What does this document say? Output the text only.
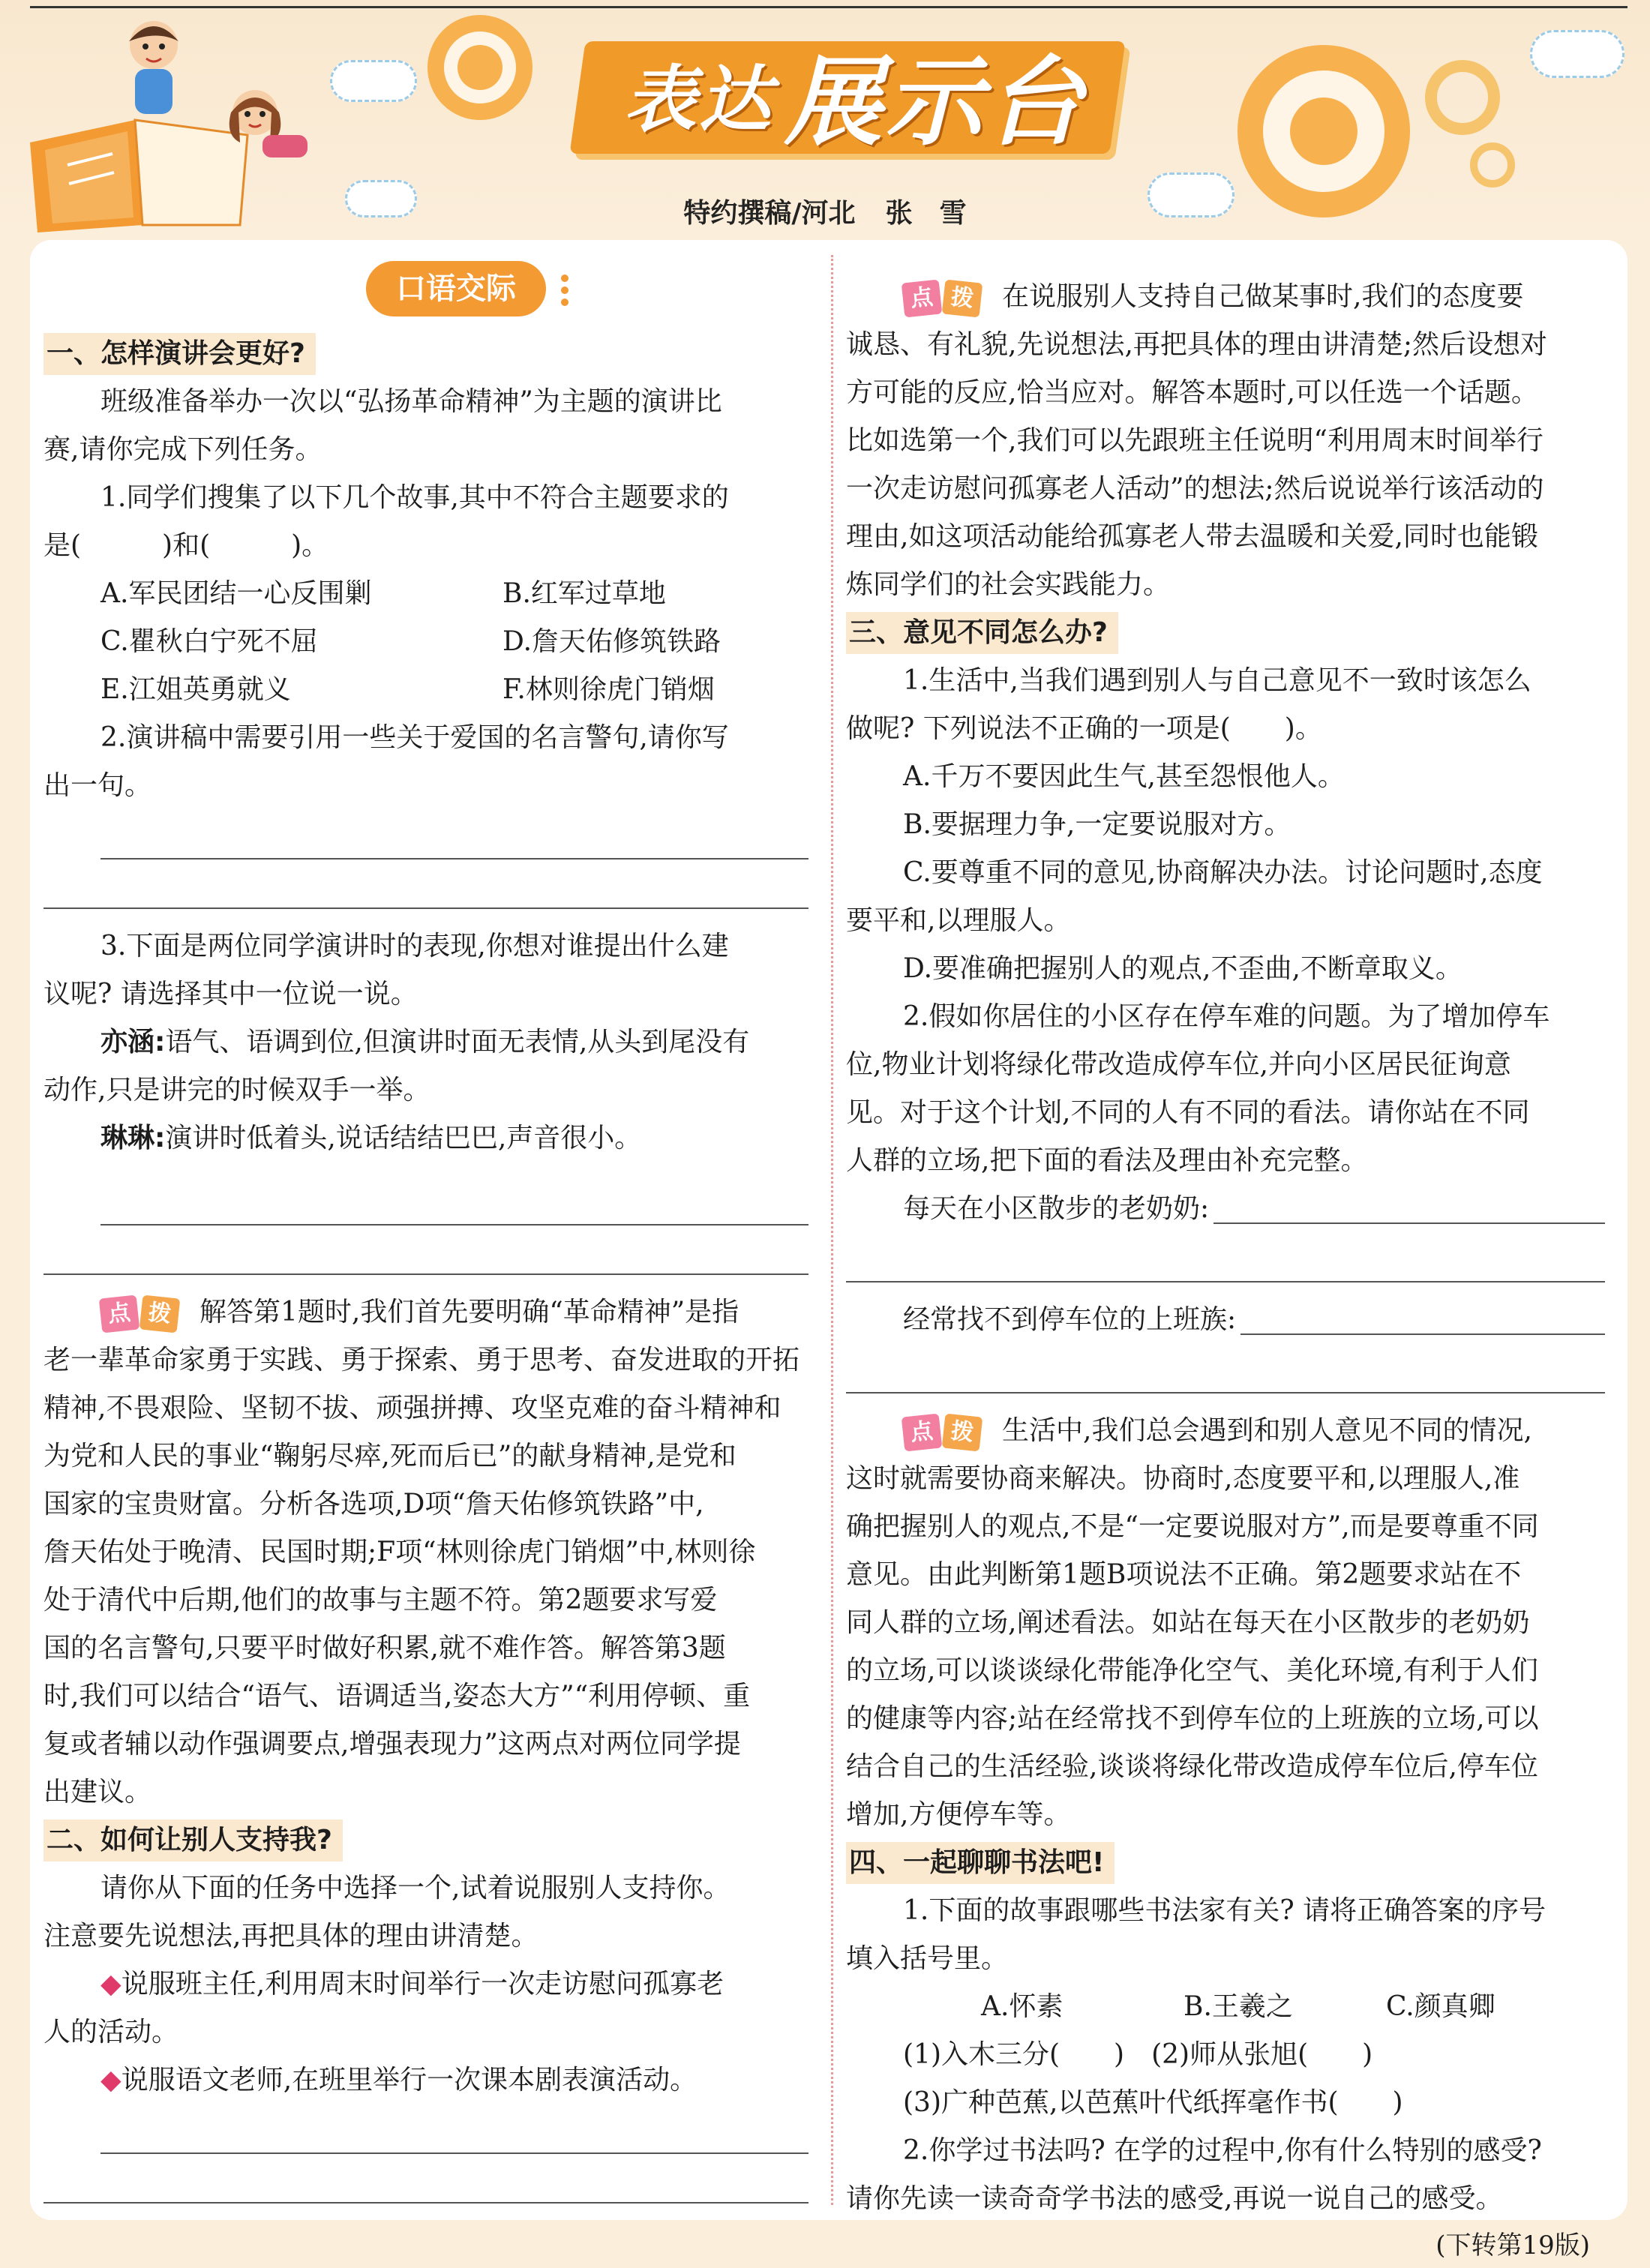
表达 展示台
特约撰稿/河北 张　雪
口语交际
一、怎样演讲会更好?
班级准备举办一次以“弘扬革命精神”为主题的演讲比
赛,请你完成下列任务。
1.同学们搜集了以下几个故事,其中不符合主题要求的
是(　　　)和(　　　)。
A.军民团结一心反围剿	B.红军过草地
C.瞿秋白宁死不屈	D.詹天佑修筑铁路
E.江姐英勇就义	F.林则徐虎门销烟
2.演讲稿中需要引用一些关于爱国的名言警句,请你写
出一句。
3.下面是两位同学演讲时的表现,你想对谁提出什么建
议呢? 请选择其中一位说一说。
亦涵:语气、语调到位,但演讲时面无表情,从头到尾没有
动作,只是讲完的时候双手一举。
琳琳:演讲时低着头,说话结结巴巴,声音很小。
点 拨 解答第1题时,我们首先要明确“革命精神”是指
老一辈革命家勇于实践、勇于探索、勇于思考、奋发进取的开拓
精神,不畏艰险、坚韧不拔、顽强拼搏、攻坚克难的奋斗精神和
为党和人民的事业“鞠躬尽瘁,死而后已”的献身精神,是党和
国家的宝贵财富。分析各选项,D项“詹天佑修筑铁路”中,
詹天佑处于晚清、民国时期;F项“林则徐虎门销烟”中,林则徐
处于清代中后期,他们的故事与主题不符。第2题要求写爱
国的名言警句,只要平时做好积累,就不难作答。解答第3题
时,我们可以结合“语气、语调适当,姿态大方”“利用停顿、重
复或者辅以动作强调要点,增强表现力”这两点对两位同学提
出建议。
二、如何让别人支持我?
请你从下面的任务中选择一个,试着说服别人支持你。
注意要先说想法,再把具体的理由讲清楚。
◆说服班主任,利用周末时间举行一次走访慰问孤寡老
人的活动。
◆说服语文老师,在班里举行一次课本剧表演活动。
点 拨 在说服别人支持自己做某事时,我们的态度要
诚恳、有礼貌,先说想法,再把具体的理由讲清楚;然后设想对
方可能的反应,恰当应对。解答本题时,可以任选一个话题。
比如选第一个,我们可以先跟班主任说明“利用周末时间举行
一次走访慰问孤寡老人活动”的想法;然后说说举行该活动的
理由,如这项活动能给孤寡老人带去温暖和关爱,同时也能锻
炼同学们的社会实践能力。
三、意见不同怎么办?
1.生活中,当我们遇到别人与自己意见不一致时该怎么
做呢? 下列说法不正确的一项是(　　)。
A.千万不要因此生气,甚至怨恨他人。
B.要据理力争,一定要说服对方。
C.要尊重不同的意见,协商解决办法。讨论问题时,态度
要平和,以理服人。
D.要准确把握别人的观点,不歪曲,不断章取义。
2.假如你居住的小区存在停车难的问题。为了增加停车
位,物业计划将绿化带改造成停车位,并向小区居民征询意
见。对于这个计划,不同的人有不同的看法。请你站在不同
人群的立场,把下面的看法及理由补充完整。
每天在小区散步的老奶奶:
经常找不到停车位的上班族:
点 拨 生活中,我们总会遇到和别人意见不同的情况,
这时就需要协商来解决。协商时,态度要平和,以理服人,准
确把握别人的观点,不是“一定要说服对方”,而是要尊重不同
意见。由此判断第1题B项说法不正确。第2题要求站在不
同人群的立场,阐述看法。如站在每天在小区散步的老奶奶
的立场,可以谈谈绿化带能净化空气、美化环境,有利于人们
的健康等内容;站在经常找不到停车位的上班族的立场,可以
结合自己的生活经验,谈谈将绿化带改造成停车位后,停车位
增加,方便停车等。
四、一起聊聊书法吧!
1.下面的故事跟哪些书法家有关? 请将正确答案的序号
填入括号里。
A.怀素	B.王羲之	C.颜真卿
(1)入木三分(　　)　(2)师从张旭(　　)
(3)广种芭蕉,以芭蕉叶代纸挥毫作书(　　)
2.你学过书法吗? 在学的过程中,你有什么特别的感受?
请你先读一读奇奇学书法的感受,再说一说自己的感受。
(下转第19版)
